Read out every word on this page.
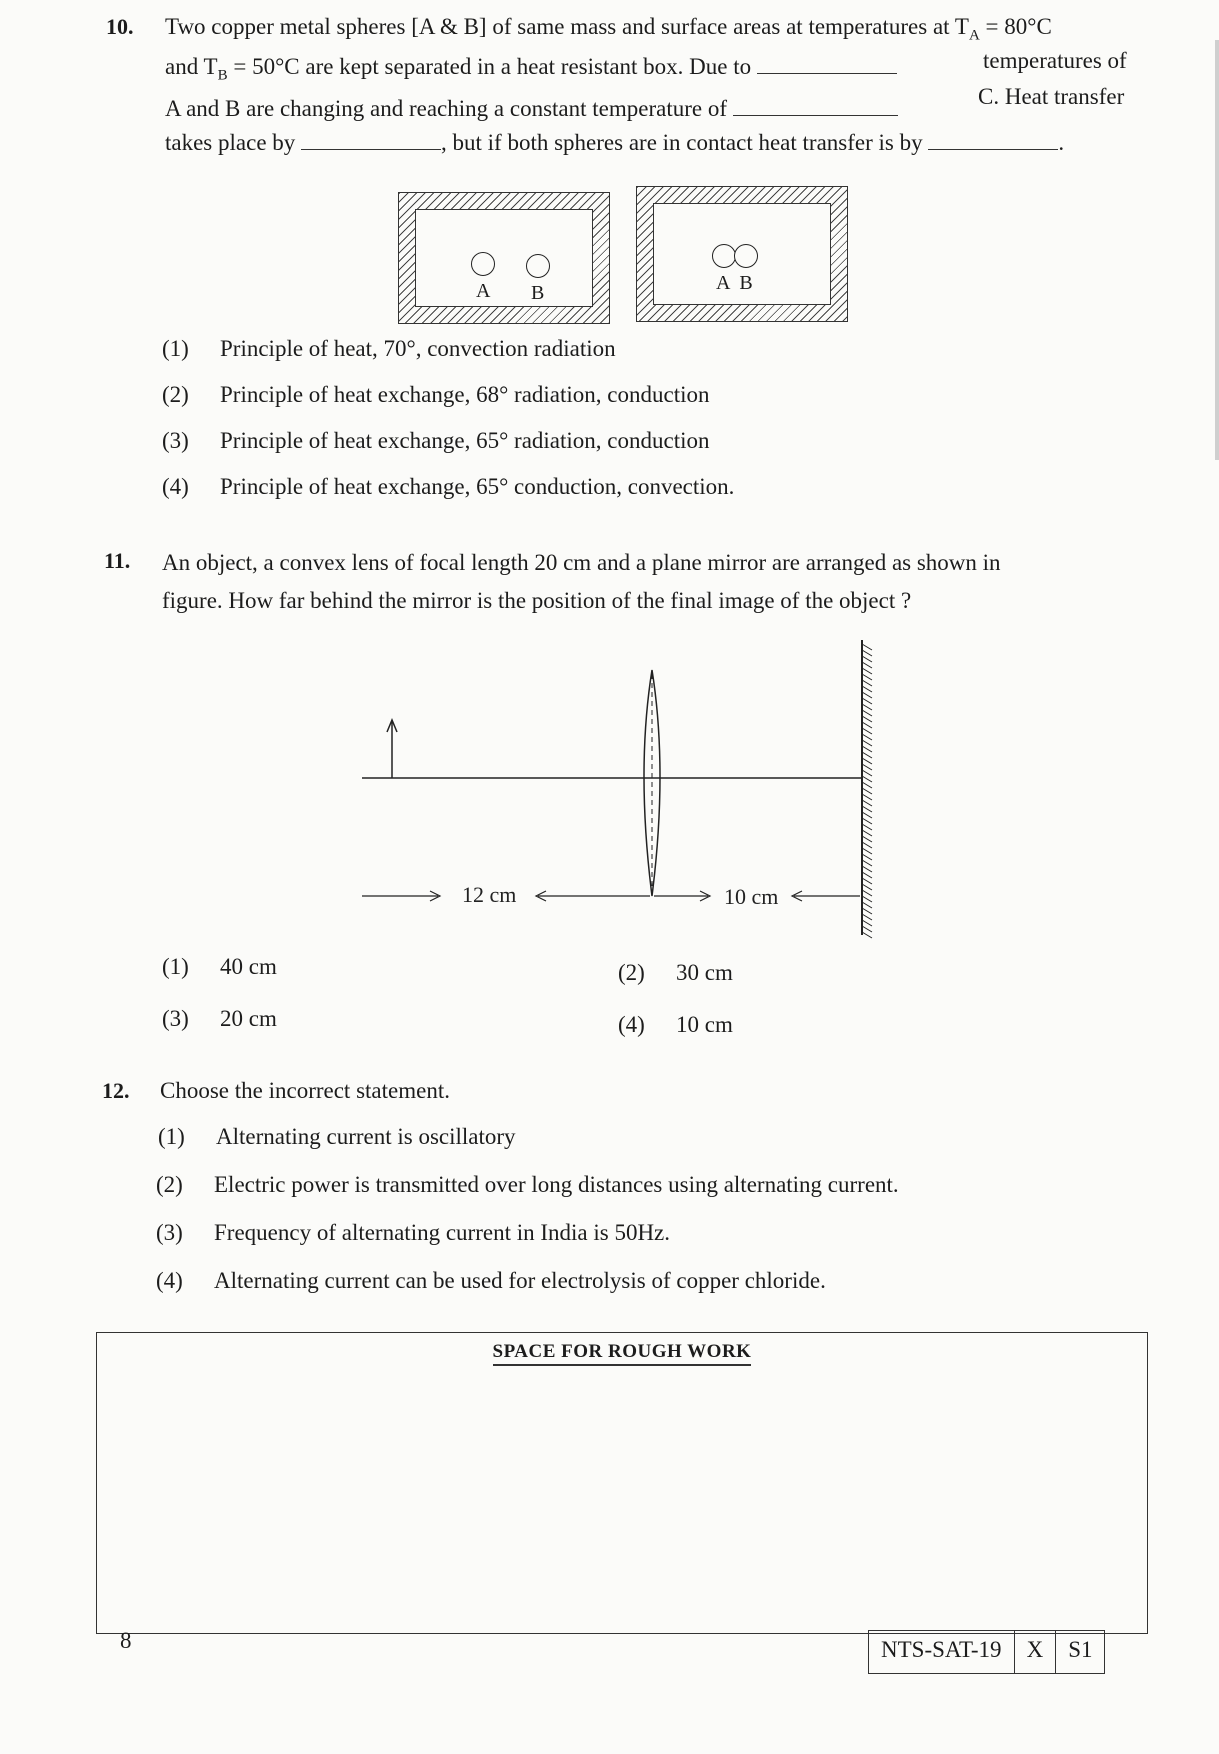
10. Two copper metal spheres [A & B] of same mass and surface areas at temperatures at $T_A = 80^\circ C$
and $T_B = 50^\circ C$ are kept separated in a heat resistant box. Due to	temperatures of
A and B are changing and reaching a constant temperature of	C. Heat transfer
takes place by	, but if both spheres are in contact heat transfer is by	.
A B	A  B
(1) Principle of heat, 70°, convection radiation
(2) Principle of heat exchange, 68° radiation, conduction
(3) Principle of heat exchange, 65° radiation, conduction
(4) Principle of heat exchange, 65° conduction, convection.
11. An object, a convex lens of focal length 20 cm and a plane mirror are arranged as shown in
figure. How far behind the mirror is the position of the final image of the object ?
12 cm	10 cm
(1) 40 cm	(2) 30 cm
(3) 20 cm	(4) 10 cm
12. Choose the incorrect statement.
(1) Alternating current is oscillatory
(2) Electric power is transmitted over long distances using alternating current.
(3) Frequency of alternating current in India is 50Hz.
(4) Alternating current can be used for electrolysis of copper chloride.
SPACE FOR ROUGH WORK
8	NTS-SAT-19	X	S1
